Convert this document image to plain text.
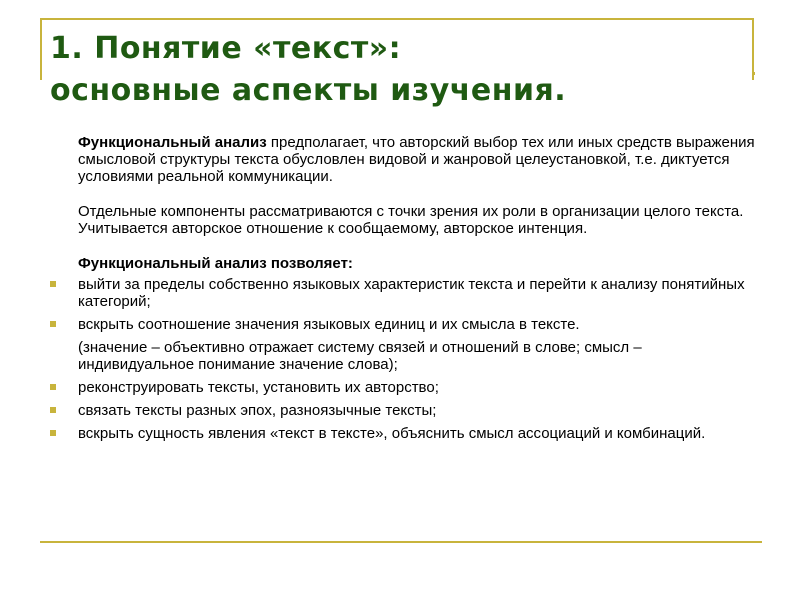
1. Понятие «текст»:
основные аспекты изучения.
Функциональный анализ предполагает, что авторский выбор тех или иных средств выражения смысловой структуры текста обусловлен видовой и жанровой целеустановкой, т.е. диктуется условиями реальной коммуникации.
Отдельные компоненты рассматриваются с точки зрения их роли в организации целого текста. Учитывается авторское отношение к сообщаемому, авторское интенция.
Функциональный анализ позволяет:
выйти за пределы собственно языковых характеристик текста и перейти к анализу понятийных категорий;
вскрыть соотношение значения языковых единиц и их смысла в тексте.
(значение – объективно отражает систему связей и отношений в слове; смысл – индивидуальное понимание значение слова);
реконструировать тексты, установить их авторство;
связать тексты разных эпох, разноязычные тексты;
вскрыть сущность явления «текст в тексте», объяснить смысл ассоциаций и комбинаций.
